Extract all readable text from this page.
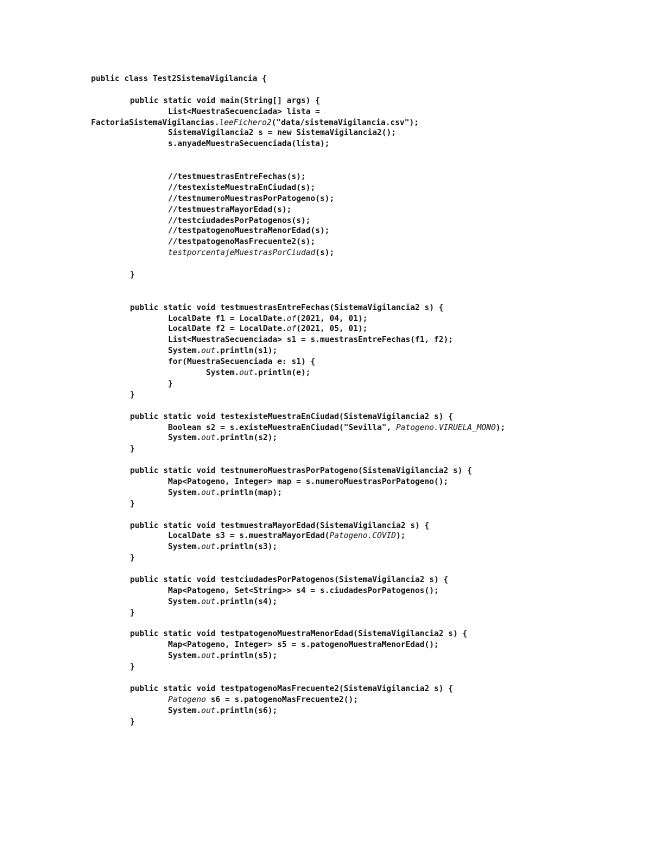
public class Test2SistemaVigilancia {
public static void main(String[] args) {
List<MuestraSecuenciada> lista =
FactoriaSistemaVigilancias.leeFichero2("data/sistemaVigilancia.csv");
SistemaVigilancia2 s = new SistemaVigilancia2();
s.anyadeMuestraSecuenciada(lista);
//testmuestrasEntreFechas(s);
//testexisteMuestraEnCiudad(s);
//testnumeroMuestrasPorPatogeno(s);
//testmuestraMayorEdad(s);
//testciudadesPorPatogenos(s);
//testpatogenoMuestraMenorEdad(s);
//testpatogenoMasFrecuente2(s);
testporcentajeMuestrasPorCiudad(s);
}
public static void testmuestrasEntreFechas(SistemaVigilancia2 s) {
LocalDate f1 = LocalDate.of(2021, 04, 01);
LocalDate f2 = LocalDate.of(2021, 05, 01);
List<MuestraSecuenciada> s1 = s.muestrasEntreFechas(f1, f2);
System.out.println(s1);
for(MuestraSecuenciada e: s1) {
System.out.println(e);
}
}
public static void testexisteMuestraEnCiudad(SistemaVigilancia2 s) {
Boolean s2 = s.existeMuestraEnCiudad("Sevilla", Patogeno.VIRUELA_MONO);
System.out.println(s2);
}
public static void testnumeroMuestrasPorPatogeno(SistemaVigilancia2 s) {
Map<Patogeno, Integer> map = s.numeroMuestrasPorPatogeno();
System.out.println(map);
}
public static void testmuestraMayorEdad(SistemaVigilancia2 s) {
LocalDate s3 = s.muestraMayorEdad(Patogeno.COVID);
System.out.println(s3);
}
public static void testciudadesPorPatogenos(SistemaVigilancia2 s) {
Map<Patogeno, Set<String>> s4 = s.ciudadesPorPatogenos();
System.out.println(s4);
}
public static void testpatogenoMuestraMenorEdad(SistemaVigilancia2 s) {
Map<Patogeno, Integer> s5 = s.patogenoMuestraMenorEdad();
System.out.println(s5);
}
public static void testpatogenoMasFrecuente2(SistemaVigilancia2 s) {
Patogeno s6 = s.patogenoMasFrecuente2();
System.out.println(s6);
}
